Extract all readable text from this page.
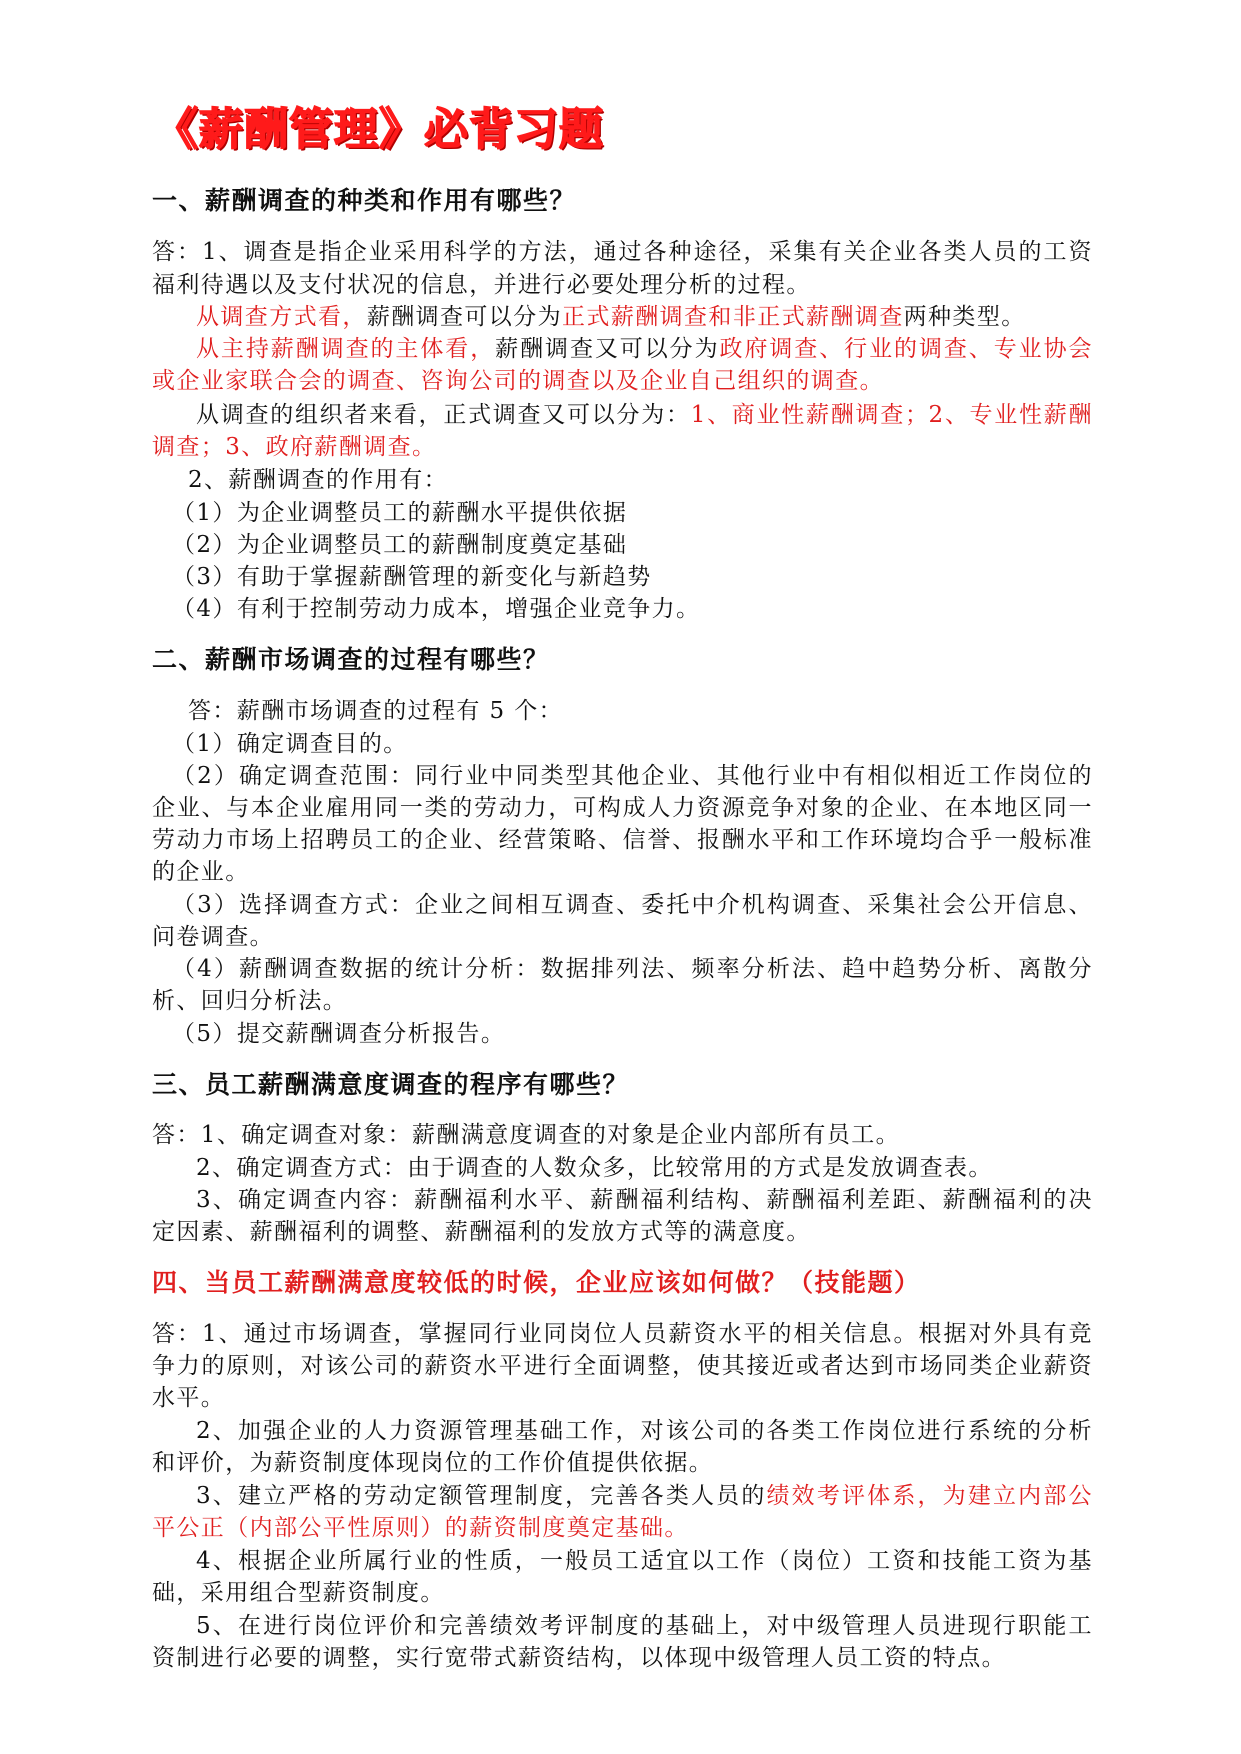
《薪酬管理》必背习题
一、薪酬调查的种类和作用有哪些？
答：1、调查是指企业采用科学的方法，通过各种途径，采集有关企业各类人员的工资
福利待遇以及支付状况的信息，并进行必要处理分析的过程。
从调查方式看，薪酬调查可以分为正式薪酬调查和非正式薪酬调查两种类型。
从主持薪酬调查的主体看，薪酬调查又可以分为政府调查、行业的调查、专业协会
或企业家联合会的调查、咨询公司的调查以及企业自己组织的调查。
从调查的组织者来看，正式调查又可以分为：1、商业性薪酬调查；2、专业性薪酬
调查；3、政府薪酬调查。
2、薪酬调查的作用有：
（1）为企业调整员工的薪酬水平提供依据
（2）为企业调整员工的薪酬制度奠定基础
（3）有助于掌握薪酬管理的新变化与新趋势
（4）有利于控制劳动力成本，增强企业竞争力。
二、薪酬市场调查的过程有哪些？
答：薪酬市场调查的过程有 5 个：
（1）确定调查目的。
（2）确定调查范围：同行业中同类型其他企业、其他行业中有相似相近工作岗位的
企业、与本企业雇用同一类的劳动力，可构成人力资源竞争对象的企业、在本地区同一
劳动力市场上招聘员工的企业、经营策略、信誉、报酬水平和工作环境均合乎一般标准
的企业。
（3）选择调查方式：企业之间相互调查、委托中介机构调查、采集社会公开信息、
问卷调查。
（4）薪酬调查数据的统计分析：数据排列法、频率分析法、趋中趋势分析、离散分
析、回归分析法。
（5）提交薪酬调查分析报告。
三、员工薪酬满意度调查的程序有哪些？
答：1、确定调查对象：薪酬满意度调查的对象是企业内部所有员工。
2、确定调查方式：由于调查的人数众多，比较常用的方式是发放调查表。
3、确定调查内容：薪酬福利水平、薪酬福利结构、薪酬福利差距、薪酬福利的决
定因素、薪酬福利的调整、薪酬福利的发放方式等的满意度。
四、当员工薪酬满意度较低的时候，企业应该如何做？（技能题）
答：1、通过市场调查，掌握同行业同岗位人员薪资水平的相关信息。根据对外具有竞
争力的原则，对该公司的薪资水平进行全面调整，使其接近或者达到市场同类企业薪资
水平。
2、加强企业的人力资源管理基础工作，对该公司的各类工作岗位进行系统的分析
和评价，为薪资制度体现岗位的工作价值提供依据。
3、建立严格的劳动定额管理制度，完善各类人员的绩效考评体系，为建立内部公
平公正（内部公平性原则）的薪资制度奠定基础。
4、根据企业所属行业的性质，一般员工适宜以工作（岗位）工资和技能工资为基
础，采用组合型薪资制度。
5、在进行岗位评价和完善绩效考评制度的基础上，对中级管理人员进现行职能工
资制进行必要的调整，实行宽带式薪资结构，以体现中级管理人员工资的特点。
